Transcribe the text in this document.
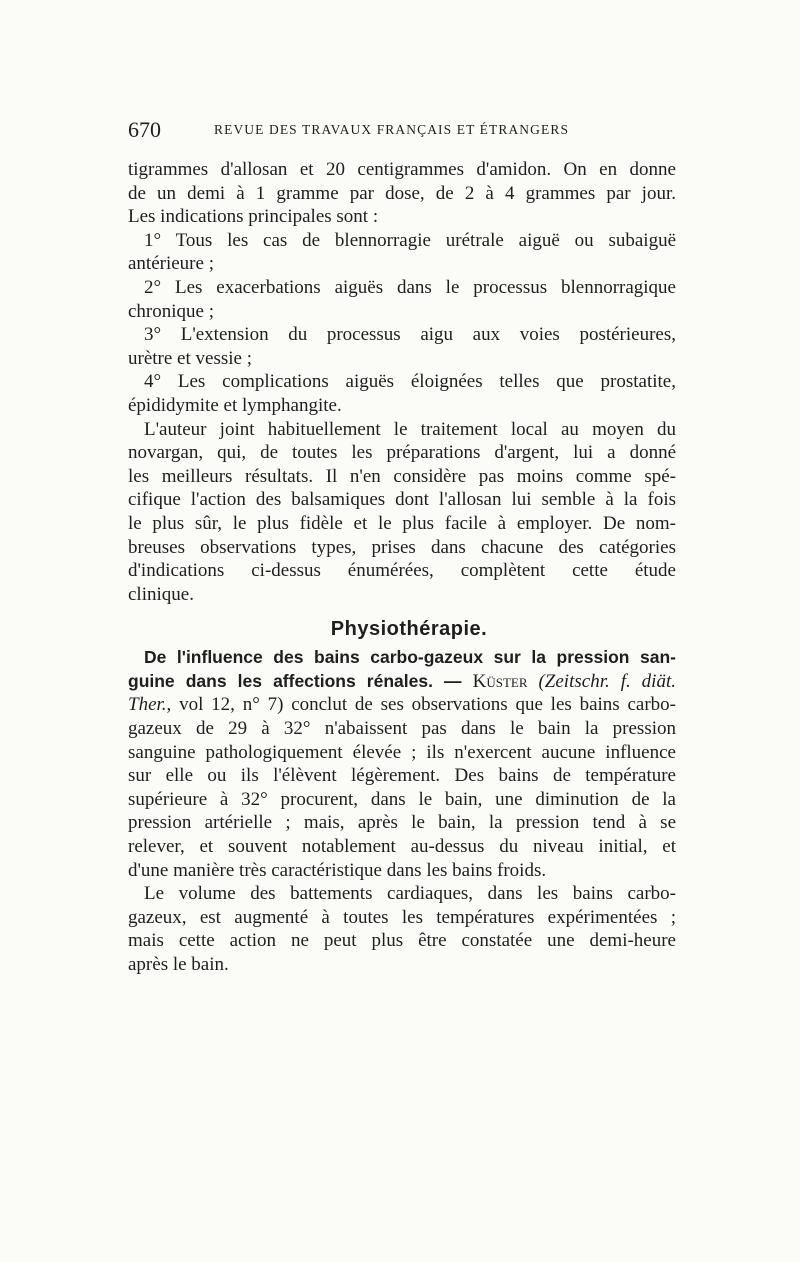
670	REVUE DES TRAVAUX FRANÇAIS ET ÉTRANGERS
tigrammes d'allosan et 20 centigrammes d'amidon. On en donne
de un demi à 1 gramme par dose, de 2 à 4 grammes par jour.
Les indications principales sont :
1° Tous les cas de blennorragie urétrale aiguë ou subaiguë
antérieure ;
2° Les exacerbations aiguës dans le processus blennorragique
chronique ;
3° L'extension du processus aigu aux voies postérieures,
urètre et vessie ;
4° Les complications aiguës éloignées telles que prostatite,
épididymite et lymphangite.
L'auteur joint habituellement le traitement local au moyen du
novargan, qui, de toutes les préparations d'argent, lui a donné
les meilleurs résultats. Il n'en considère pas moins comme spé-
cifique l'action des balsamiques dont l'allosan lui semble à la fois
le plus sûr, le plus fidèle et le plus facile à employer. De nom-
breuses observations types, prises dans chacune des catégories
d'indications ci-dessus énumérées, complètent cette étude
clinique.
Physiothérapie.
De l'influence des bains carbo-gazeux sur la pression san-
guine dans les affections rénales. — Küster (Zeitschr. f. diät.
Ther., vol 12, n° 7) conclut de ses observations que les bains carbo-
gazeux de 29 à 32° n'abaissent pas dans le bain la pression
sanguine pathologiquement élevée ; ils n'exercent aucune influence
sur elle ou ils l'élèvent légèrement. Des bains de température
supérieure à 32° procurent, dans le bain, une diminution de la
pression artérielle ; mais, après le bain, la pression tend à se
relever, et souvent notablement au-dessus du niveau initial, et
d'une manière très caractéristique dans les bains froids.
Le volume des battements cardiaques, dans les bains carbo-
gazeux, est augmenté à toutes les températures expérimentées ;
mais cette action ne peut plus être constatée une demi-heure
après le bain.
